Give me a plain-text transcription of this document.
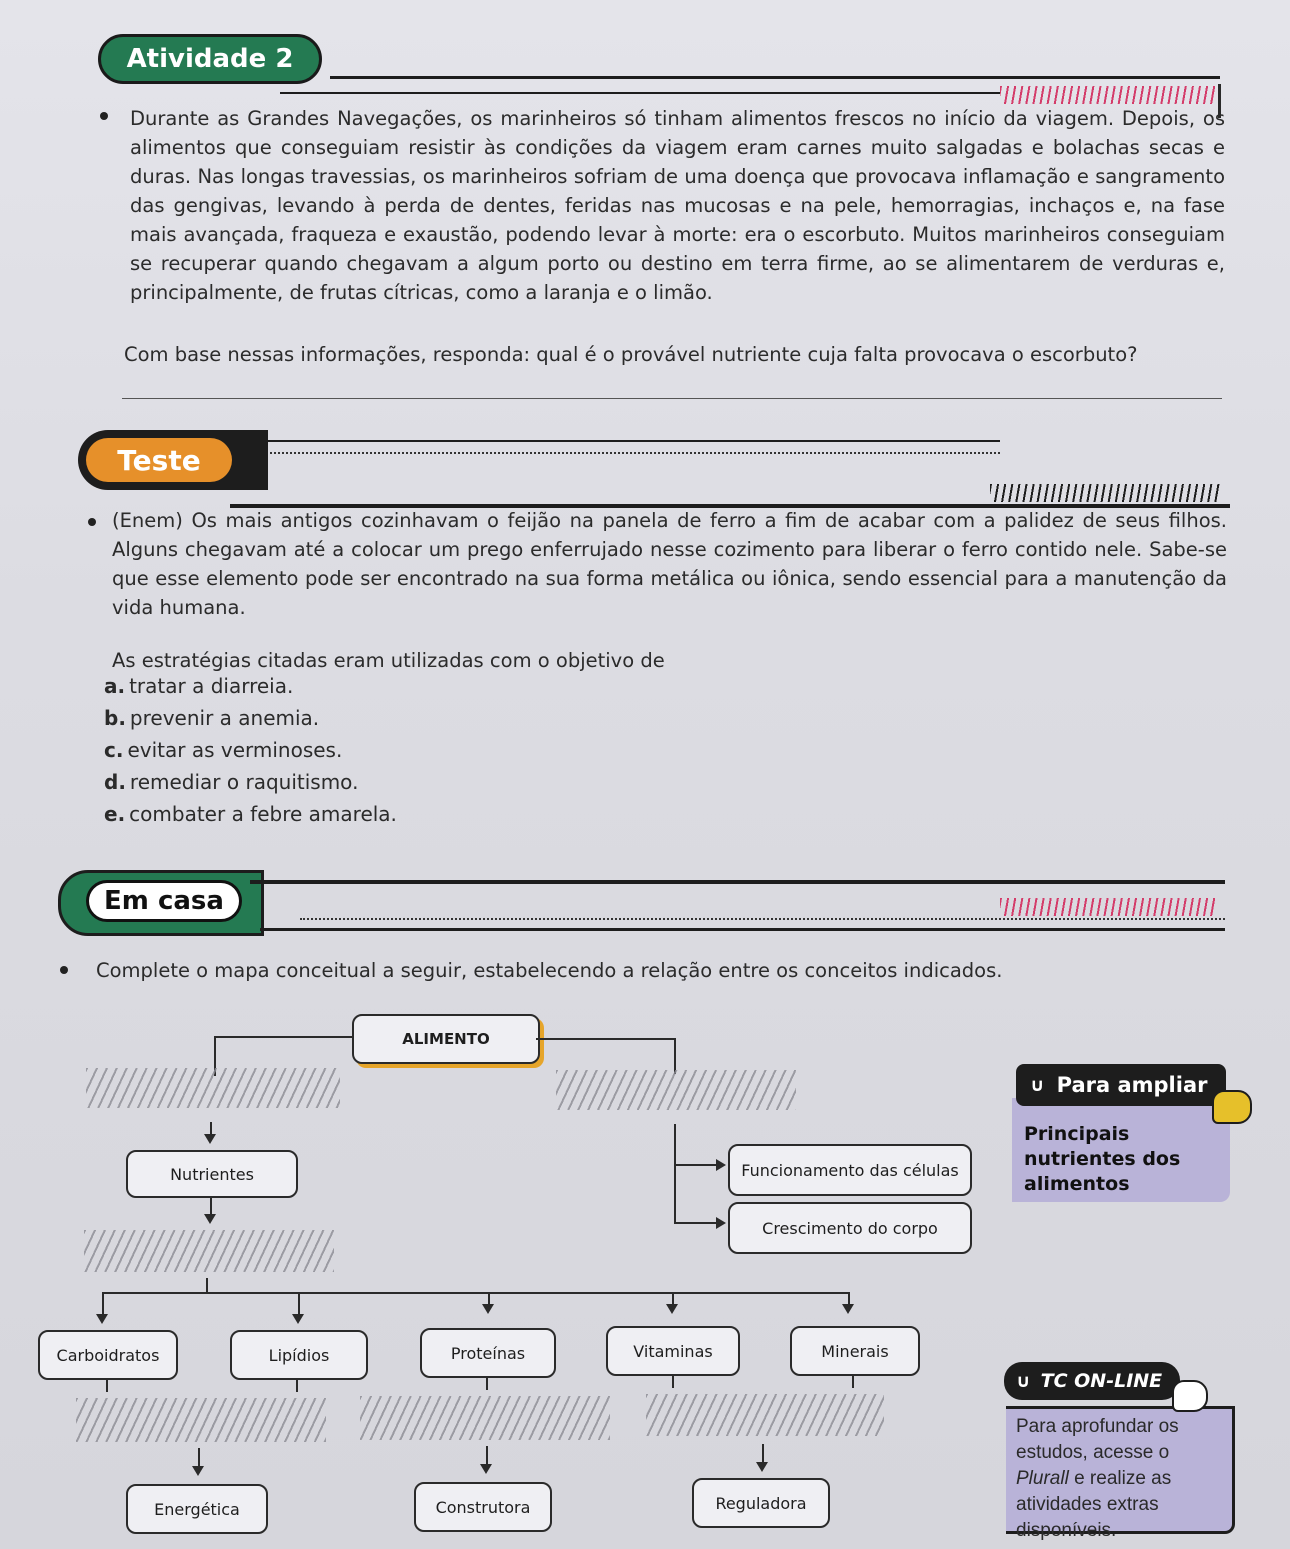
Atividade 2

Durante as Grandes Navegações, os marinheiros só tinham alimentos frescos no início da viagem. Depois, os alimentos que conseguiam resistir às condições da viagem eram carnes muito salgadas e bolachas secas e duras. Nas longas travessias, os marinheiros sofriam de uma doença que provocava inflamação e sangramento das gengivas, levando à perda de dentes, feridas nas mucosas e na pele, hemorragias, inchaços e, na fase mais avançada, fraqueza e exaustão, podendo levar à morte: era o escorbuto. Muitos marinheiros conseguiam se recuperar quando chegavam a algum porto ou destino em terra firme, ao se alimentarem de verduras e, principalmente, de frutas cítricas, como a laranja e o limão.

Com base nessas informações, responda: qual é o provável nutriente cuja falta provocava o escorbuto?

Teste

(Enem) Os mais antigos cozinhavam o feijão na panela de ferro a fim de acabar com a palidez de seus filhos. Alguns chegavam até a colocar um prego enferrujado nesse cozimento para liberar o ferro contido nele. Sabe-se que esse elemento pode ser encontrado na sua forma metálica ou iônica, sendo essencial para a manutenção da vida humana.

As estratégias citadas eram utilizadas com o objetivo de

a. tratar a diarreia.
b. prevenir a anemia.
c. evitar as verminoses.
d. remediar o raquitismo.
e. combater a febre amarela.
Em casa

Complete o mapa conceitual a seguir, estabelecendo a relação entre os conceitos indicados.

ALIMENTO
Nutrientes	Funcionamento das células
Crescimento do corpo
Carboidratos	Lipídios	Proteínas	Vitaminas	Minerais
Energética	Construtora	Reguladora
∪ Para ampliar
Principais
nutrientes dos
alimentos
∪ TC ON-LINE
Para aprofundar os estudos, acesse o Plurall e realize as atividades extras disponíveis.
